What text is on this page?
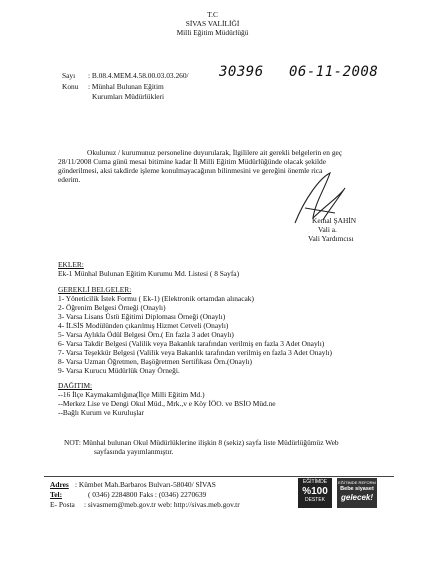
T.C
SİVAS VALİLİĞİ
Milli Eğitim Müdürlüğü
Sayı : B.08.4.MEM.4.58.00.03.03.260/ 30396 06-11-2008
Konu : Münhal Bulunan Eğitim
Kurumları Müdürlükleri
Okulunuz / kurumunuz personeline duyurularak, İlgililere ait gerekli belgelerin en geç
28/11/2008 Cuma günü mesai bitimine kadar İl Milli Eğitim Müdürlüğünde olacak şekilde
gönderilmesi, aksi takdirde işleme konulmayacağının bilinmesini ve gereğini önemle rica
ederim.
Kemal ŞAHİN
Vali a.
Vali Yardımcısı
EKLER:
Ek-1 Münhal Bulunan Eğitim Kurumu Md. Listesi ( 8 Sayfa)
GEREKLİ BELGELER:
1- Yöneticilik İstek Formu ( Ek-1) (Elektronik ortamdan alınacak)
2- Öğrenim Belgesi Örneği (Onaylı)
3- Varsa Lisans Üstü Eğitimi Diploması Örneği (Onaylı)
4- İLSİS Modülünden çıkarılmış Hizmet Cetveli (Onaylı)
5- Varsa Aylıkla Ödül Belgesi Örn.( En fazla 3 adet Onaylı)
6- Varsa Takdir Belgesi (Valilik veya Bakanlık tarafından verilmiş en fazla 3 Adet Onaylı)
7- Varsa Teşekkür Belgesi (Valilik veya Bakanlık tarafından verilmiş en fazla 3 Adet Onaylı)
8- Varsa Uzman Öğretmen, Başöğretmen Sertifikası Örn.(Onaylı)
9- Varsa Kurucu Müdürlük Onay Örneği.
DAĞITIM:
--16 İlçe Kaymakamlığına(İlçe Milli Eğitim Md.)
--Merkez Lise ve Dengi Okul Müd., Mrk.,v e Köy İÖO. ve BSİO Müd.ne
--Bağlı Kurum ve Kuruluşlar
NOT: Münhal bulunan Okul Müdürlüklerine ilişkin 8 (sekiz) sayfa liste Müdürlüğümüz Web
sayfasında yayımlanmıştır.
Adres : Kümbet Mah.Barbaros Bulvarı-58040/ SİVAS
Tel:	( 0346) 2284800 Faks : (0346) 2270639
E- Posta : sivasmem@meb.gov.tr web: http://sivas.meb.gov.tr
EĞİTİMDE
%100
DESTEK
EĞİTİMDE REFORM
Bebe siyaset
gelecek!
